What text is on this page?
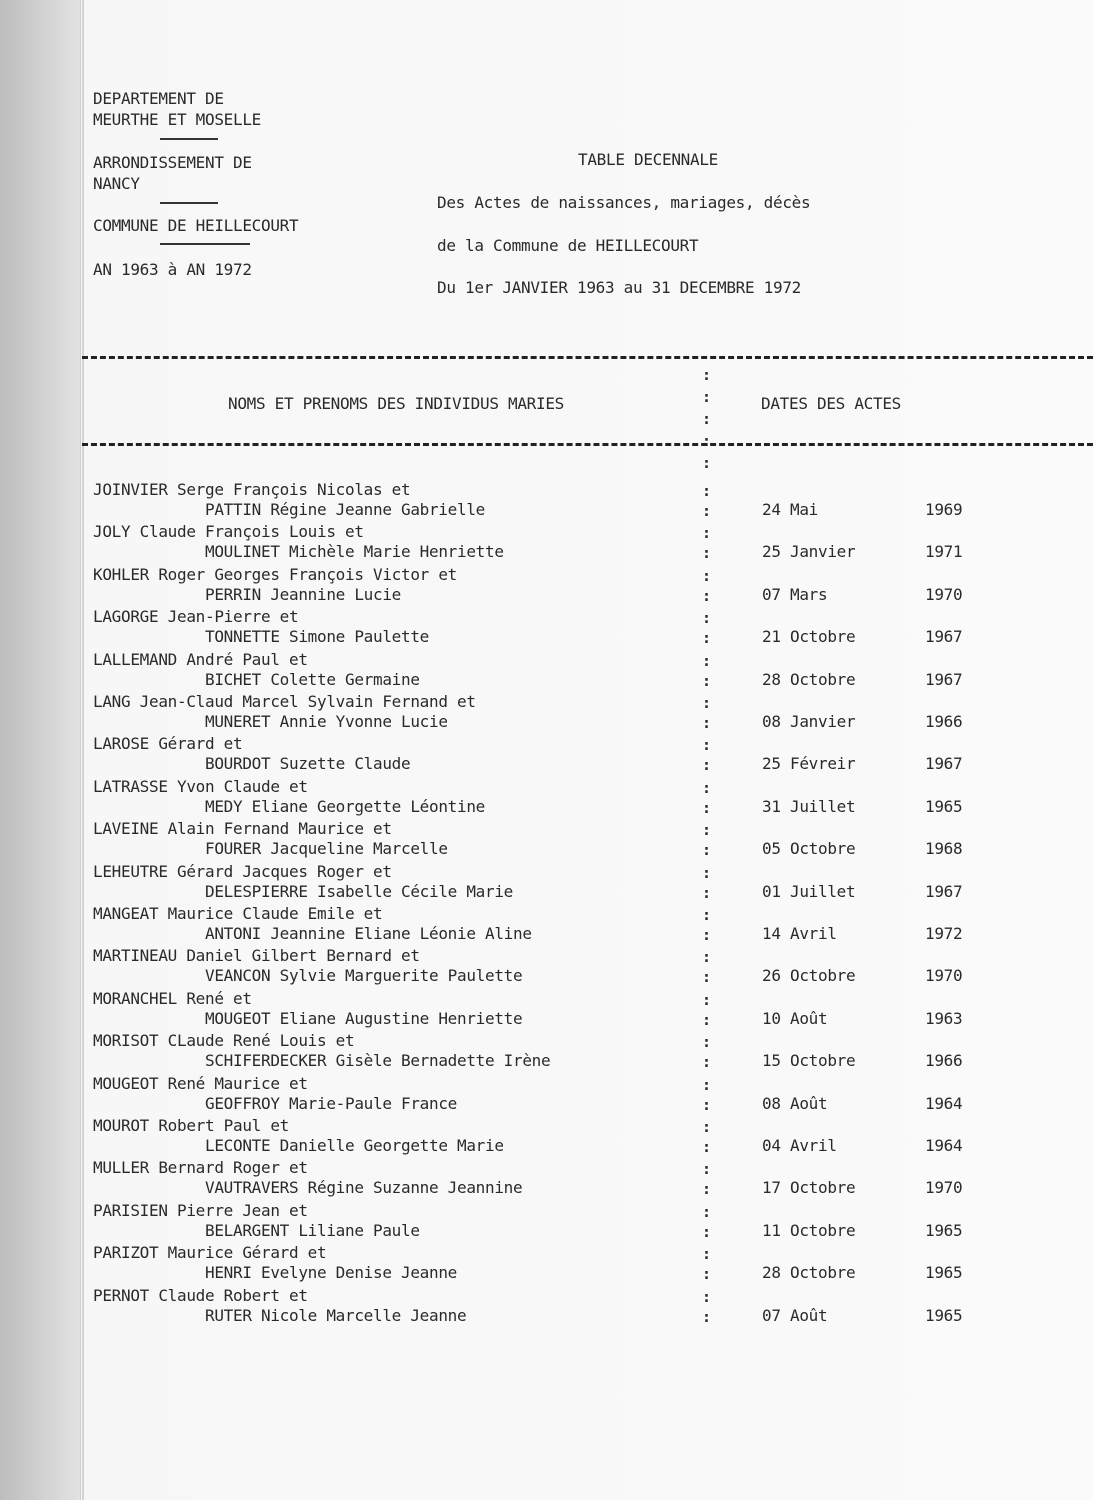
DEPARTEMENT DE
MEURTHE ET MOSELLE
ARRONDISSEMENT DE
NANCY
COMMUNE DE HEILLECOURT
AN 1963 à AN 1972
TABLE DECENNALE
Des Actes de naissances, mariages, décès
de la Commune de HEILLECOURT
Du 1er JANVIER 1963 au 31 DECEMBRE 1972
NOMS ET PRENOMS DES INDIVIDUS MARIES	DATES DES ACTES
JOINVIER Serge François Nicolas et
PATTIN Régine Jeanne Gabrielle	24 Mai	1969
:
:
JOLY Claude François Louis et
MOULINET Michèle Marie Henriette	25 Janvier	1971
:
:
KOHLER Roger Georges François Victor et
PERRIN Jeannine Lucie	07 Mars	1970
:
:
LAGORGE Jean-Pierre et
TONNETTE Simone Paulette	21 Octobre	1967
:
:
LALLEMAND André Paul et
BICHET Colette Germaine	28 Octobre	1967
:
:
LANG Jean-Claud Marcel Sylvain Fernand et
MUNERET Annie Yvonne Lucie	08 Janvier	1966
:
:
LAROSE Gérard et
BOURDOT Suzette Claude	25 Févreir	1967
:
:
LATRASSE Yvon Claude et
MEDY Eliane Georgette Léontine	31 Juillet	1965
:
:
LAVEINE Alain Fernand Maurice et
FOURER Jacqueline Marcelle	05 Octobre	1968
:
:
LEHEUTRE Gérard Jacques Roger et
DELESPIERRE Isabelle Cécile Marie	01 Juillet	1967
:
:
MANGEAT Maurice Claude Emile et
ANTONI Jeannine Eliane Léonie Aline	14 Avril	1972
:
:
MARTINEAU Daniel Gilbert Bernard et
VEANCON Sylvie Marguerite Paulette	26 Octobre	1970
:
:
MORANCHEL René et
MOUGEOT Eliane Augustine Henriette	10 Août	1963
:
:
MORISOT CLaude René Louis et
SCHIFERDECKER Gisèle Bernadette Irène	15 Octobre	1966
:
:
MOUGEOT René Maurice et
GEOFFROY Marie-Paule France	08 Août	1964
:
:
MOUROT Robert Paul et
LECONTE Danielle Georgette Marie	04 Avril	1964
:
:
MULLER Bernard Roger et
VAUTRAVERS Régine Suzanne Jeannine	17 Octobre	1970
:
:
PARISIEN Pierre Jean et
BELARGENT Liliane Paule	11 Octobre	1965
:
:
PARIZOT Maurice Gérard et
HENRI Evelyne Denise Jeanne	28 Octobre	1965
:
:
PERNOT Claude Robert et
RUTER Nicole Marcelle Jeanne	07 Août	1965
:
:
:
:
:
:
:
